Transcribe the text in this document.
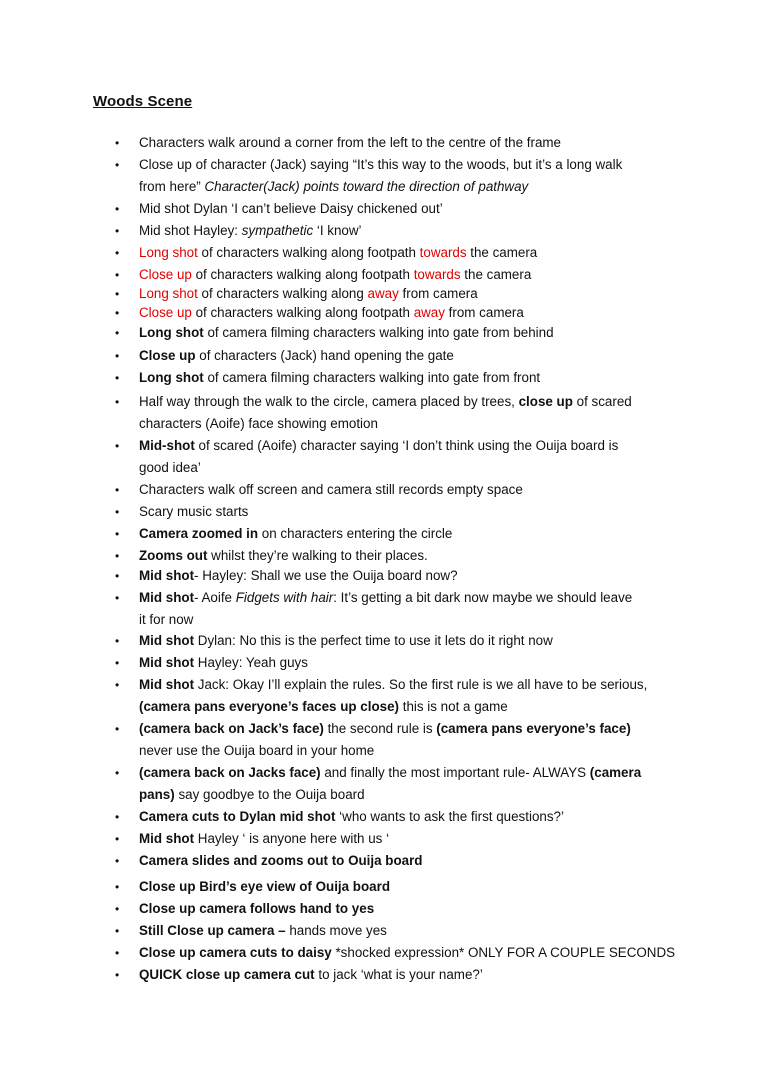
Woods Scene
• Characters walk around a corner from the left to the centre of the frame
• Close up of character (Jack) saying “It’s this way to the woods, but it’s a long walk
from here” Character(Jack) points toward the direction of pathway
• Mid shot Dylan ‘I can’t believe Daisy chickened out’
• Mid shot Hayley: sympathetic ‘I know’
• Long shot of characters walking along footpath towards the camera
• Close up of characters walking along footpath towards the camera
• Long shot of characters walking along away from camera
• Close up of characters walking along footpath away from camera
• Long shot of camera filming characters walking into gate from behind
• Close up of characters (Jack) hand opening the gate
• Long shot of camera filming characters walking into gate from front
• Half way through the walk to the circle, camera placed by trees, close up of scared
characters (Aoife) face showing emotion
• Mid-shot of scared (Aoife) character saying ‘I don’t think using the Ouija board is
good idea’
• Characters walk off screen and camera still records empty space
• Scary music starts
• Camera zoomed in on characters entering the circle
• Zooms out whilst they’re walking to their places.
• Mid shot- Hayley: Shall we use the Ouija board now?
• Mid shot- Aoife Fidgets with hair: It’s getting a bit dark now maybe we should leave
it for now
• Mid shot Dylan: No this is the perfect time to use it lets do it right now
• Mid shot Hayley: Yeah guys
• Mid shot Jack: Okay I’ll explain the rules. So the first rule is we all have to be serious,
(camera pans everyone’s faces up close) this is not a game
• (camera back on Jack’s face) the second rule is (camera pans everyone’s face)
never use the Ouija board in your home
• (camera back on Jacks face) and finally the most important rule- ALWAYS (camera
pans) say goodbye to the Ouija board
• Camera cuts to Dylan mid shot ‘who wants to ask the first questions?’
• Mid shot Hayley ‘ is anyone here with us ‘
• Camera slides and zooms out to Ouija board
• Close up Bird’s eye view of Ouija board
• Close up camera follows hand to yes
• Still Close up camera – hands move yes
• Close up camera cuts to daisy *shocked expression* ONLY FOR A COUPLE SECONDS
• QUICK close up camera cut to jack ‘what is your name?’
